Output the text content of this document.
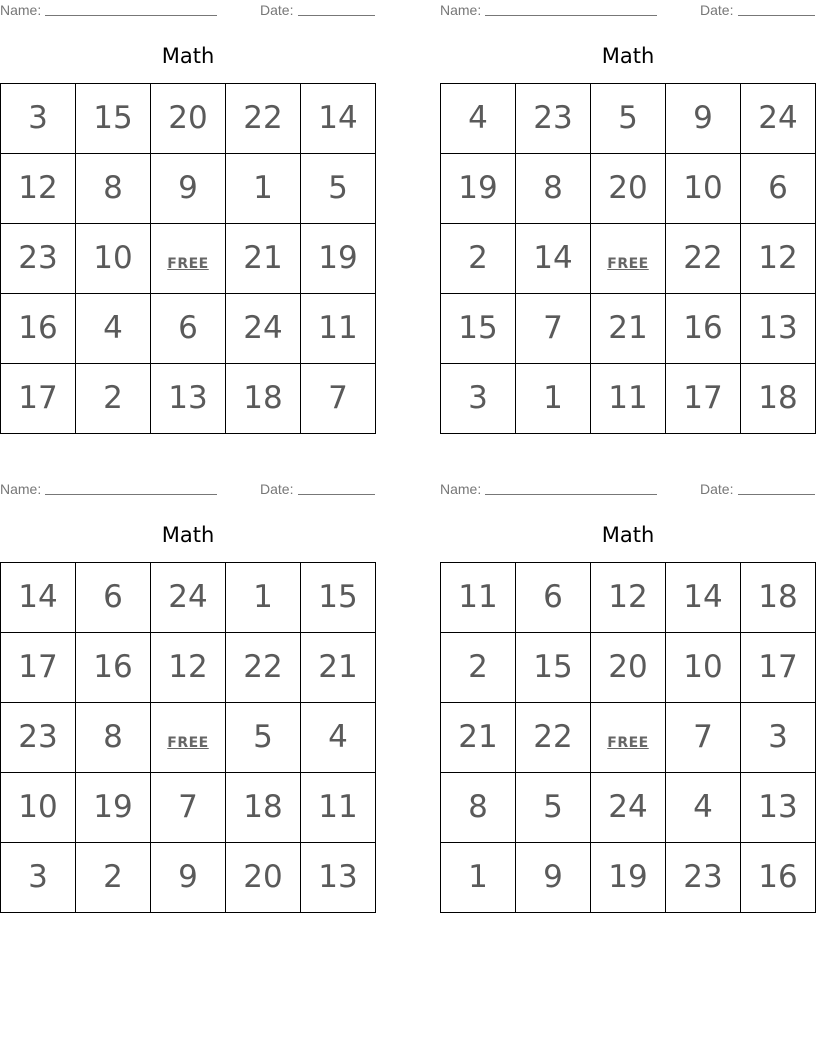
Name:	Date:
Math
3	15	20	22	14
12	8	9	1	5
23	10	FREE	21	19
16	4	6	24	11
17	2	13	18	7
Name:	Date:
Math
4	23	5	9	24
19	8	20	10	6
2	14	FREE	22	12
15	7	21	16	13
3	1	11	17	18
Name:	Date:
Math
14	6	24	1	15
17	16	12	22	21
23	8	FREE	5	4
10	19	7	18	11
3	2	9	20	13
Name:	Date:
Math
11	6	12	14	18
2	15	20	10	17
21	22	FREE	7	3
8	5	24	4	13
1	9	19	23	16
